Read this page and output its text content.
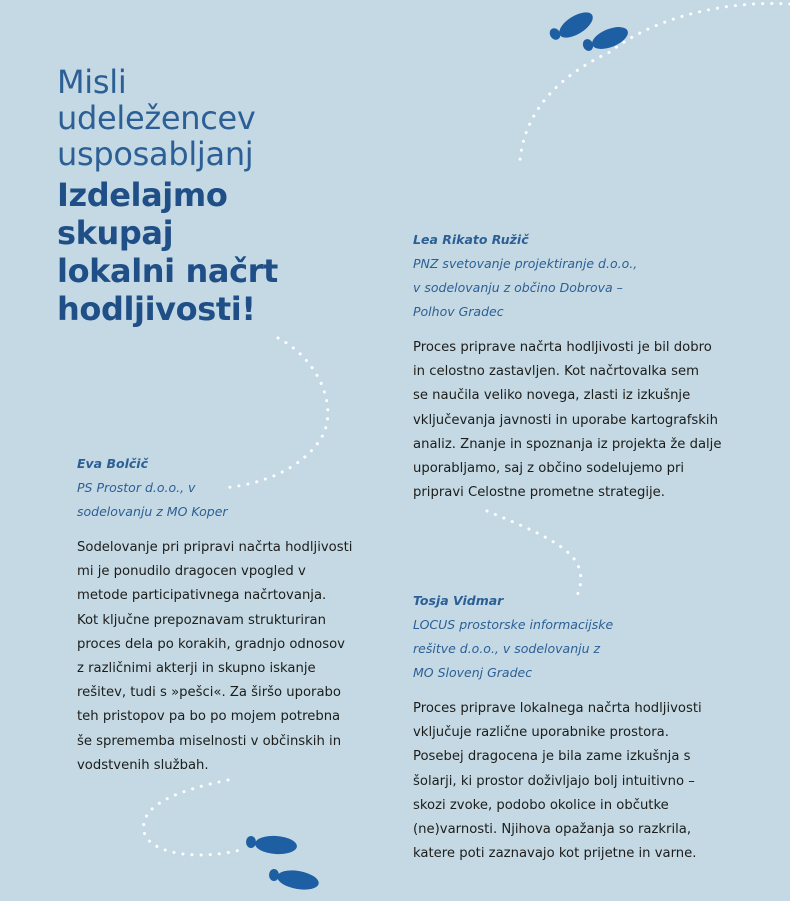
Misli
udeležencev
usposabljanj
Izdelajmo
skupaj
lokalni načrt
hodljivosti!
Eva Bolčič
PS Prostor d.o.o., v
sodelovanju z MO Koper
Sodelovanje pri pripravi načrta hodljivosti
mi je ponudilo dragocen vpogled v
metode participativnega načrtovanja.
Kot ključne prepoznavam strukturiran
proces dela po korakih, gradnjo odnosov
z različnimi akterji in skupno iskanje
rešitev, tudi s »pešci«. Za širšo uporabo
teh pristopov pa bo po mojem potrebna
še sprememba miselnosti v občinskih in
vodstvenih službah.
Lea Rikato Ružič
PNZ svetovanje projektiranje d.o.o.,
v sodelovanju z občino Dobrova –
Polhov Gradec
Proces priprave načrta hodljivosti je bil dobro
in celostno zastavljen. Kot načrtovalka sem
se naučila veliko novega, zlasti iz izkušnje
vključevanja javnosti in uporabe kartografskih
analiz. Znanje in spoznanja iz projekta že dalje
uporabljamo, saj z občino sodelujemo pri
pripravi Celostne prometne strategije.
Tosja Vidmar
LOCUS prostorske informacijske
rešitve d.o.o., v sodelovanju z
MO Slovenj Gradec
Proces priprave lokalnega načrta hodljivosti
vključuje različne uporabnike prostora.
Posebej dragocena je bila zame izkušnja s
šolarji, ki prostor doživljajo bolj intuitivno –
skozi zvoke, podobo okolice in občutke
(ne)varnosti. Njihova opažanja so razkrila,
katere poti zaznavajo kot prijetne in varne.
